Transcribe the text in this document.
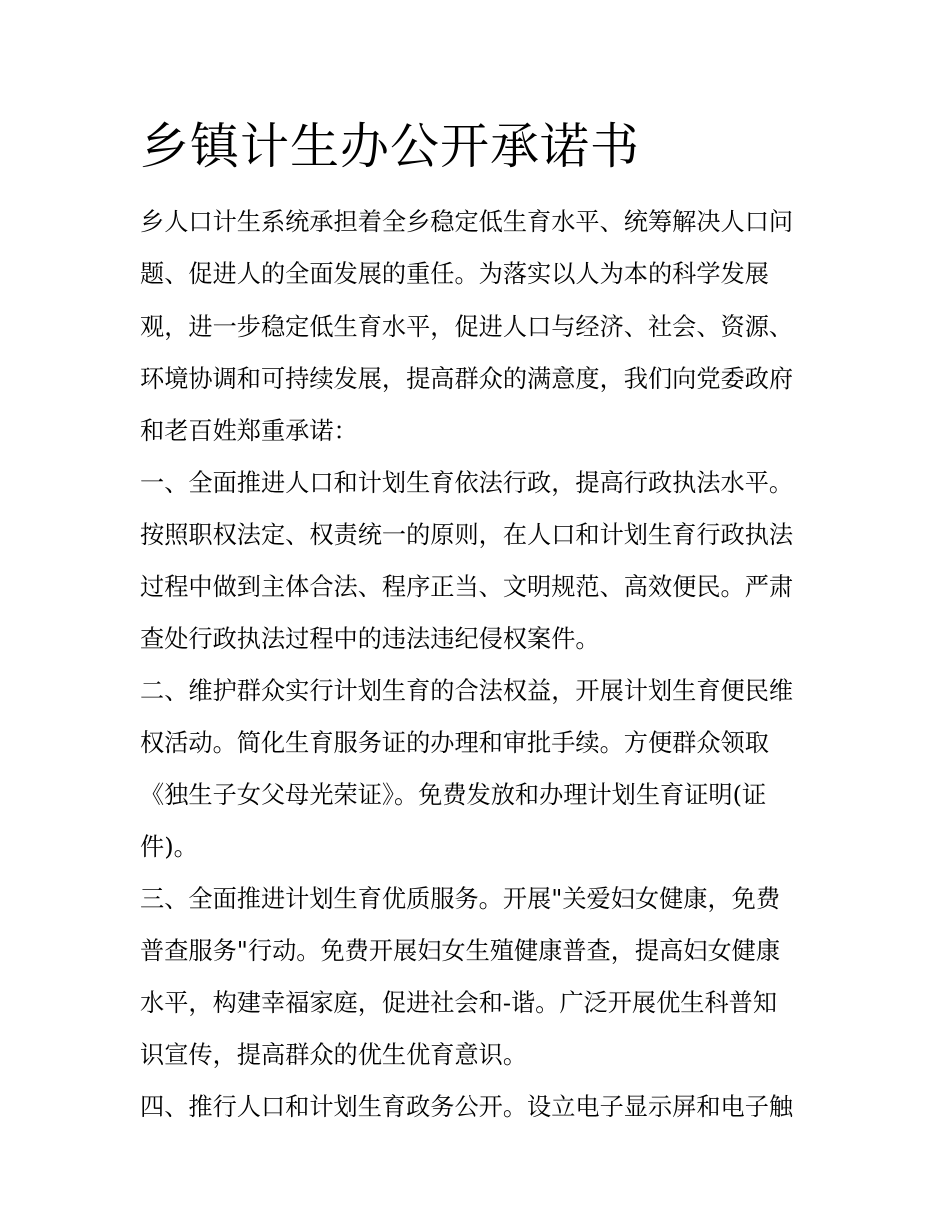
乡镇计生办公开承诺书

乡人口计生系统承担着全乡稳定低生育水平、统筹解决人口问

题、促进人的全面发展的重任。为落实以人为本的科学发展

观，进一步稳定低生育水平，促进人口与经济、社会、资源、

环境协调和可持续发展，提高群众的满意度，我们向党委政府

和老百姓郑重承诺：

一、全面推进人口和计划生育依法行政，提高行政执法水平。

按照职权法定、权责统一的原则，在人口和计划生育行政执法

过程中做到主体合法、程序正当、文明规范、高效便民。严肃

查处行政执法过程中的违法违纪侵权案件。

二、维护群众实行计划生育的合法权益，开展计划生育便民维

权活动。简化生育服务证的办理和审批手续。方便群众领取

《独生子女父母光荣证》。免费发放和办理计划生育证明(证

件)。

三、全面推进计划生育优质服务。开展"关爱妇女健康，免费

普查服务"行动。免费开展妇女生殖健康普查，提高妇女健康

水平，构建幸福家庭，促进社会和-谐。广泛开展优生科普知

识宣传，提高群众的优生优育意识。

四、推行人口和计划生育政务公开。设立电子显示屏和电子触
